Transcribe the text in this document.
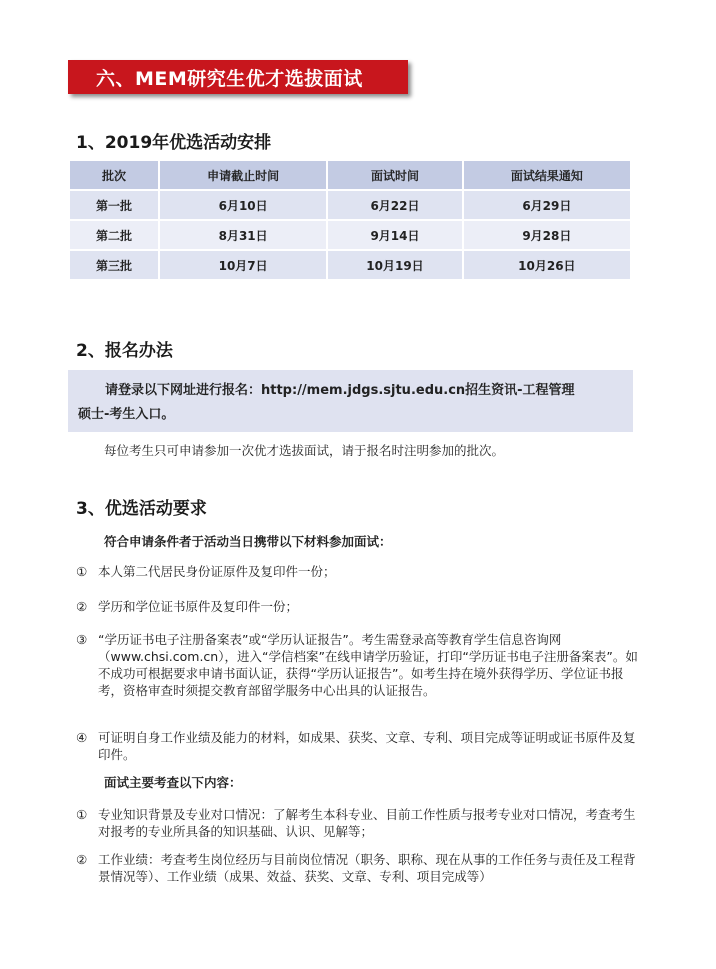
六、MEM研究生优才选拔面试
1、2019年优选活动安排
批次	申请截止时间	面试时间	面试结果通知
第一批	6月10日	6月22日	6月29日
第二批	8月31日	9月14日	9月28日
第三批	10月7日	10月19日	10月26日
2、报名办法
请登录以下网址进行报名：http://mem.jdgs.sjtu.edu.cn招生资讯-工程管理
硕士-考生入口。
每位考生只可申请参加一次优才选拔面试，请于报名时注明参加的批次。
3、优选活动要求
符合申请条件者于活动当日携带以下材料参加面试：
① 本人第二代居民身份证原件及复印件一份；
② 学历和学位证书原件及复印件一份；
③ “学历证书电子注册备案表”或“学历认证报告”。考生需登录高等教育学生信息咨询网（www.chsi.com.cn），进入“学信档案”在线申请学历验证，打印“学历证书电子注册备案表”。如不成功可根据要求申请书面认证，获得“学历认证报告”。如考生持在境外获得学历、学位证书报考，资格审查时须提交教育部留学服务中心出具的认证报告。
④ 可证明自身工作业绩及能力的材料，如成果、获奖、文章、专利、项目完成等证明或证书原件及复印件。
面试主要考查以下内容：
① 专业知识背景及专业对口情况：了解考生本科专业、目前工作性质与报考专业对口情况，考查考生对报考的专业所具备的知识基础、认识、见解等；
② 工作业绩：考查考生岗位经历与目前岗位情况（职务、职称、现在从事的工作任务与责任及工程背景情况等）、工作业绩（成果、效益、获奖、文章、专利、项目完成等）
